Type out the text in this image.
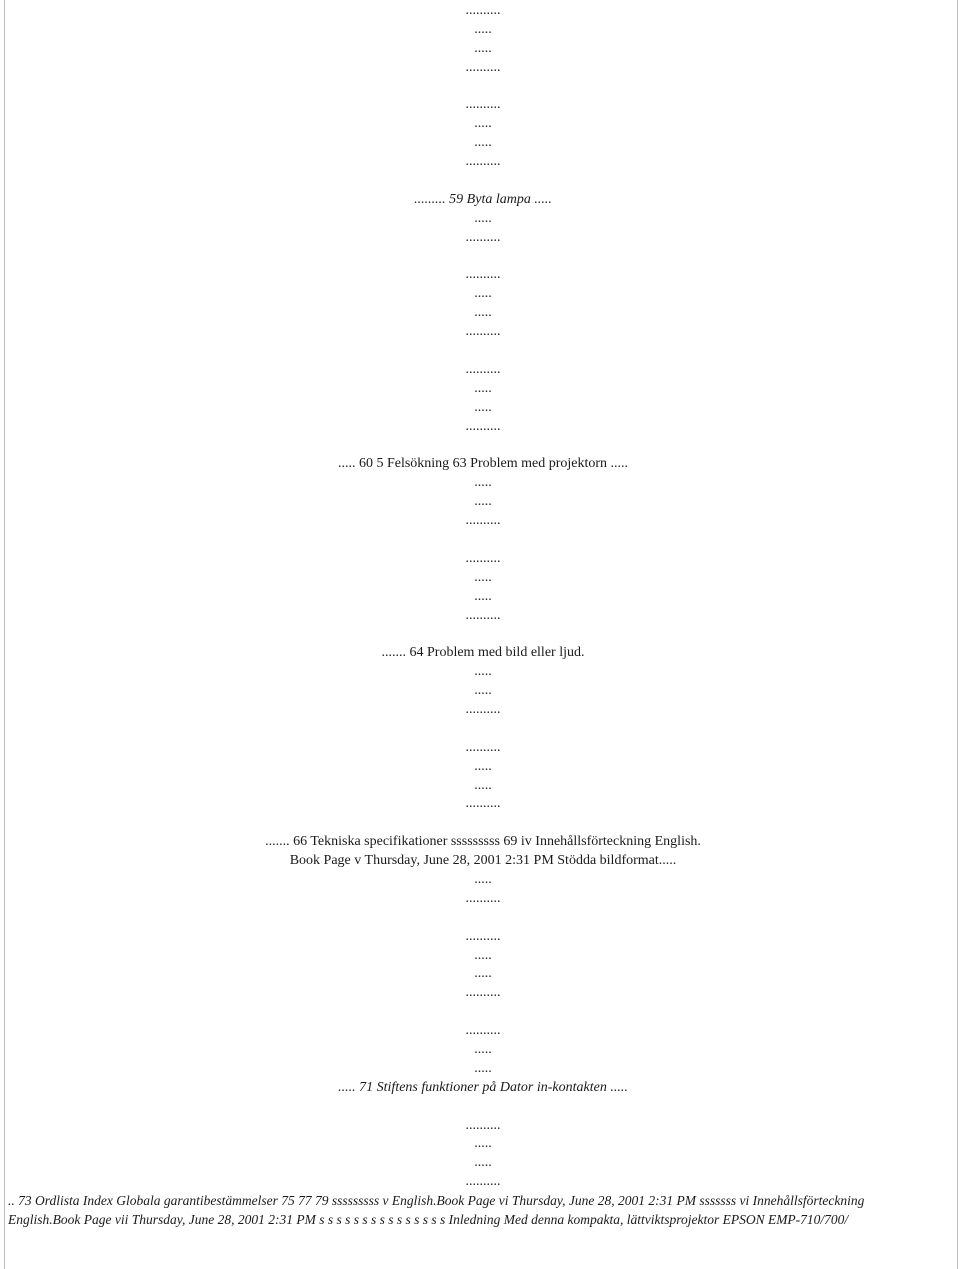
..........
.....
.....
..........
..........
.....
.....
..........
......... 59 Byta lampa .....
.....
..........
..........
.....
.....
..........
..........
.....
.....
..........
..... 60 5 Felsökning 63 Problem med projektorn .....
.....
.....
..........
..........
.....
.....
..........
....... 64 Problem med bild eller ljud.
.....
.....
..........
..........
.....
.....
..........
....... 66 Tekniska specifikationer sssssssss 69 iv Innehållsförteckning English.
Book Page v Thursday, June 28, 2001 2:31 PM Stödda bildformat.....
.....
..........
..........
.....
.....
..........
..........
.....
.....
..... 71 Stiftens funktioner på Dator in-kontakten .....
..........
.....
.....
..........
.. 73 Ordlista Index Globala garantibestämmelser 75 77 79 sssssssss v English.Book Page vi Thursday, June 28, 2001 2:31 PM sssssss vi Innehållsförteckning
English.Book Page vii Thursday, June 28, 2001 2:31 PM s s s s s s s s s s s s s s s Inledning Med denna kompakta, lättviktsprojektor EPSON EMP-710/700/
